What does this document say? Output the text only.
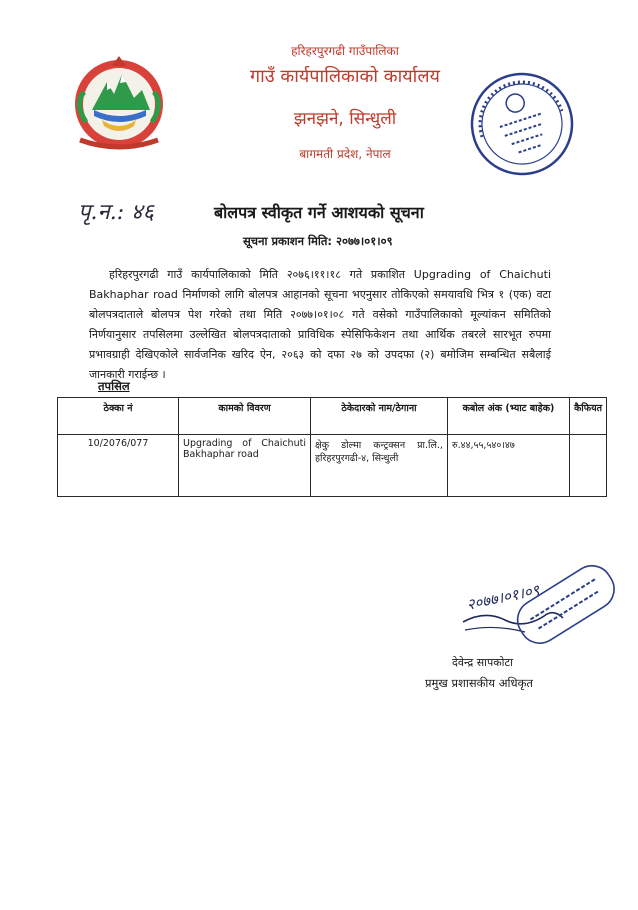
हरिहरपुरगढी गाउँपालिका
गाउँ कार्यपालिकाको कार्यालय
झनझने, सिन्धुली
बागमती प्रदेश, नेपाल
पृ.न.: ४६	बोलपत्र स्वीकृत गर्ने आशयको सूचना
सूचना प्रकाशन मिति: २०७७।०१।०९
हरिहरपुरगढी गाउँ कार्यपालिकाको मिति २०७६।११।१८ गते प्रकाशित Upgrading of Chaichuti Bakhaphar road निर्माणको लागि बोलपत्र आहानको सूचना भएनुसार तोकिएको समयावधि भित्र १ (एक) वटा बोलपत्रदाताले बोलपत्र पेश गरेको तथा मिति २०७७।०१।०८ गते वसेको गाउँपालिकाको मूल्यांकन समितिको निर्णयानुसार तपसिलमा उल्लेखित बोलपत्रदाताको प्राविधिक स्पेसिफिकेशन तथा आर्थिक तबरले सारभूत रुपमा प्रभावग्राही देखिएकोले सार्वजनिक खरिद ऐन, २०६३ को दफा २७ को उपदफा (२) बमोजिम सम्बन्धित सबैलाई जानकारी गराईन्छ ।
तपसिल
ठेक्का नं	कामको विवरण	ठेकेदारको नाम/ठेगाना	कबोल अंक (भ्याट बाहेक)	कैफियत
10/2076/077	Upgrading of Chaichuti Bakhaphar road	क्षेकु डोल्मा कन्ट्रक्सन प्रा.लि., हरिहरपुरगढी-४, सिन्धुली	रु.४४,५५,५४०।४७	
२०७७।०१।०९
देवेन्द्र सापकोटा
प्रमुख प्रशासकीय अधिकृत
